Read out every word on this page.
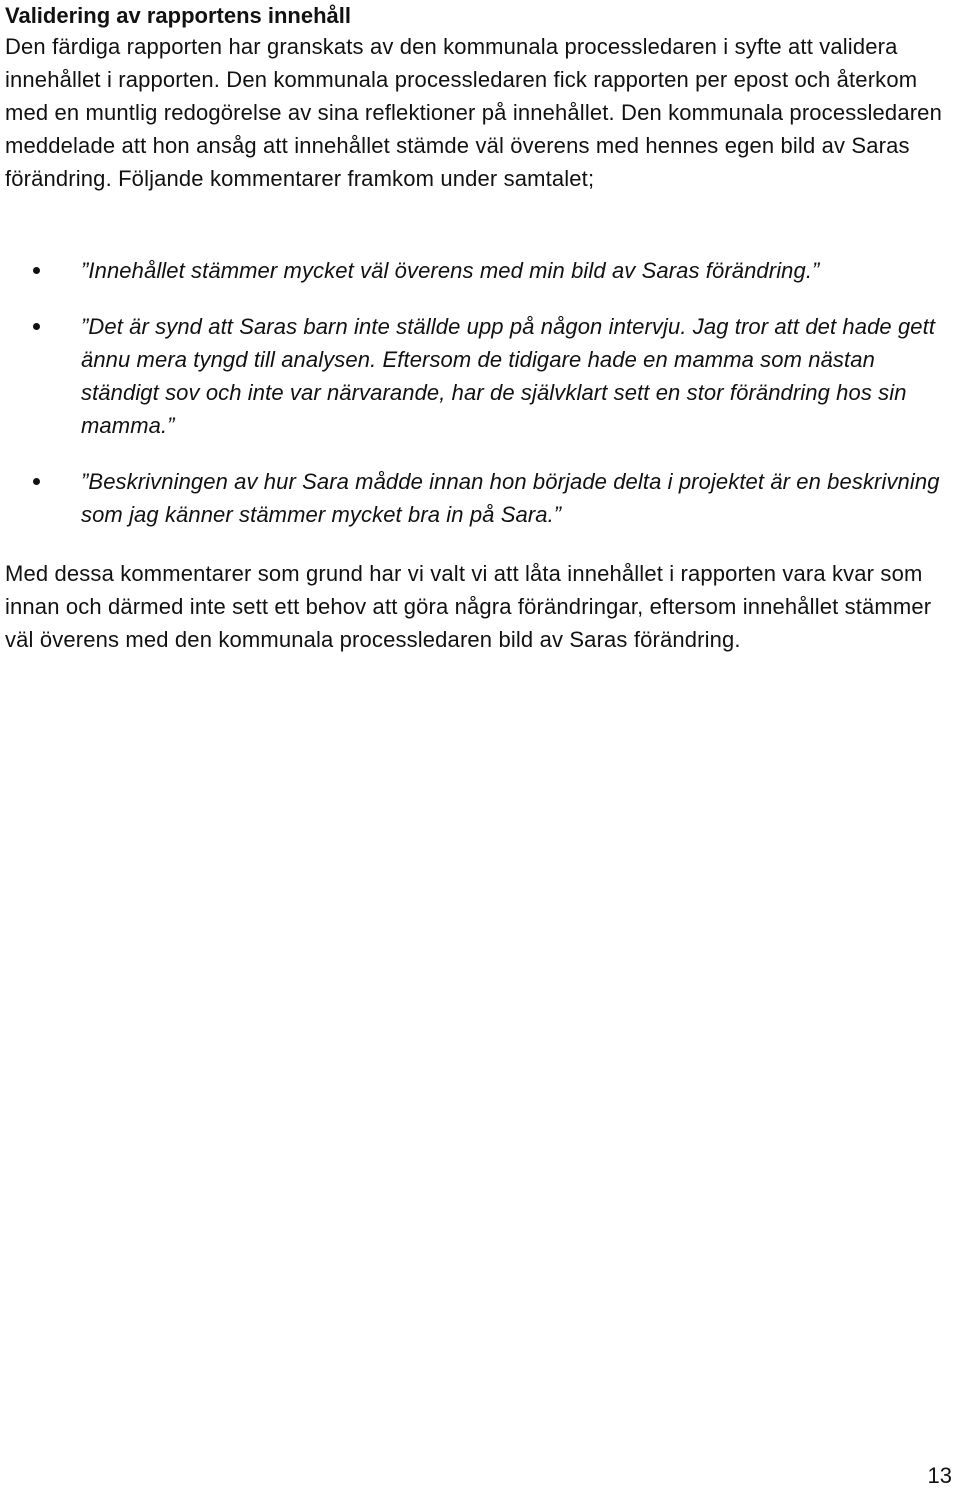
Validering av rapportens innehåll

Den färdiga rapporten har granskats av den kommunala processledaren i syfte att validera innehållet i rapporten. Den kommunala processledaren fick rapporten per epost och återkom med en muntlig redogörelse av sina reflektioner på innehållet. Den kommunala processledaren meddelade att hon ansåg att innehållet stämde väl överens med hennes egen bild av Saras förändring. Följande kommentarer framkom under samtalet;

”Innehållet stämmer mycket väl överens med min bild av Saras förändring.”
”Det är synd att Saras barn inte ställde upp på någon intervju. Jag tror att det hade gett ännu mera tyngd till analysen. Eftersom de tidigare hade en mamma som nästan ständigt sov och inte var närvarande, har de självklart sett en stor förändring hos sin mamma.”
”Beskrivningen av hur Sara mådde innan hon började delta i projektet är en beskrivning som jag känner stämmer mycket bra in på Sara.”

Med dessa kommentarer som grund har vi valt vi att låta innehållet i rapporten vara kvar som innan och därmed inte sett ett behov att göra några förändringar, eftersom innehållet stämmer väl överens med den kommunala processledaren bild av Saras förändring.

13
